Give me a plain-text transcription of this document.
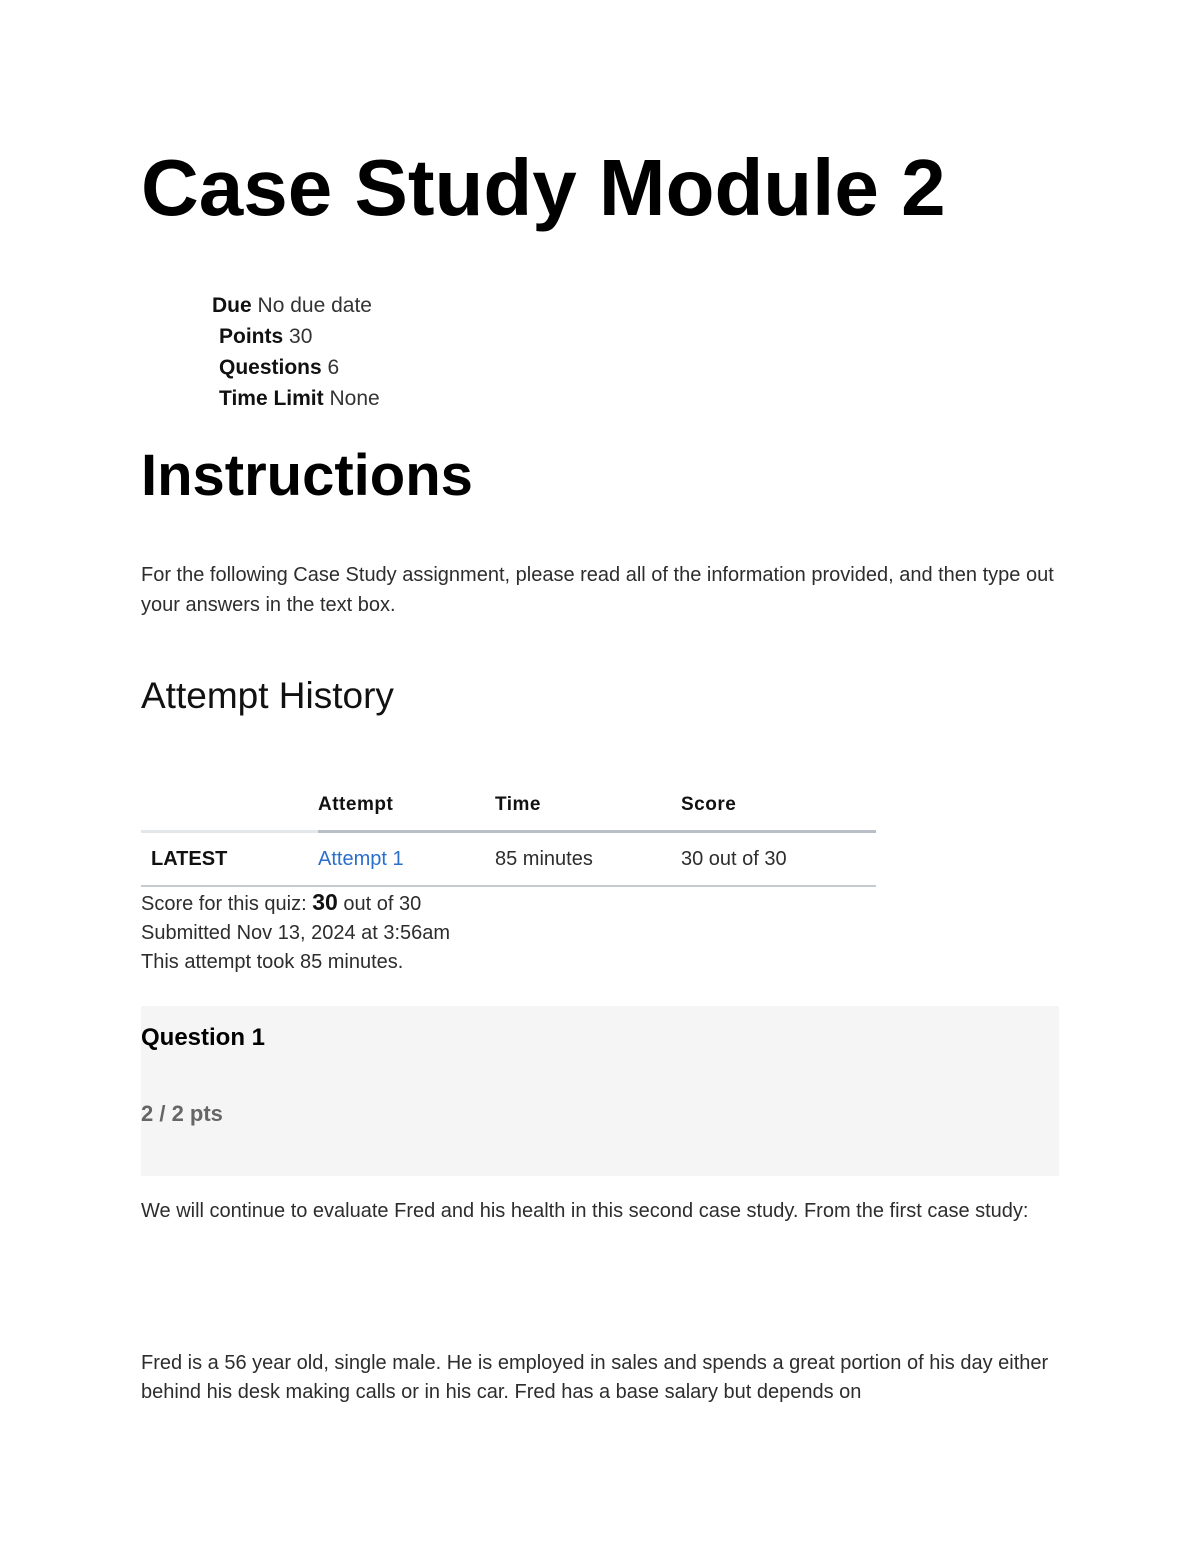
Case Study Module 2
Due No due date
Points 30
Questions 6
Time Limit None
Instructions

For the following Case Study assignment, please read all of the information provided, and then type out your answers in the text box.

Attempt History
	Attempt	Time	Score
LATEST	Attempt 1	85 minutes	30 out of 30
Score for this quiz: 30 out of 30
Submitted Nov 13, 2024 at 3:56am
This attempt took 85 minutes.
Question 1
2 / 2 pts

We will continue to evaluate Fred and his health in this second case study. From the first case study:

Fred is a 56 year old, single male. He is employed in sales and spends a great portion of his day either behind his desk making calls or in his car. Fred has a base salary but depends on
